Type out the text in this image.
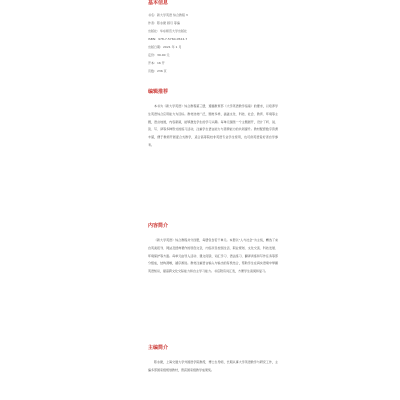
基本信息

书名：新大学英语 综合教程 3

作者：陈永捷 顾月 等编

出版社：华东师范大学出版社

ISBN：978-7-5760-0524-7

出版日期：2021 年 1 月

定价：39.00 元

开本：16 开

页数：236 页

编辑推荐

本书为《新大学英语》综合教程第三册，遵循教育部《大学英语教学指南》的要求，以培养学生英语综合应用能力为目标。教材选材广泛，题材多样，涵盖文化、科技、社会、教育、环境等主题，语言地道，内容新颖，能够激发学生的学习兴趣。每单元围绕一个主题展开，设计了听、说、读、写、译等多种形式的练习活动，注重学生语言能力与思辨能力的共同提升。教材配套数字资源丰富，便于教师开展混合式教学，适合高等院校非英语专业学生使用，也可供英语爱好者自学参考。

内容简介

《新大学英语》综合教程共分四册，每册包含若干单元。本册以“人与社会”为主线，精选了来自英美报刊、网站及经典著作的原创文章，内容涉及校园生活、职业规划、文化交流、科技发展、环境保护等方面。每单元由导入活动、课文阅读、词汇学习、语法练习、翻译训练和写作任务等部分组成，结构清晰，循序渐进。教材注重语言输入与输出的有机结合，帮助学生在真实语境中掌握英语知识，提高跨文化交际能力和自主学习能力。书后附有词汇表，方便学生查阅和复习。

主编简介

陈永捷，上海交通大学外国语学院教授，博士生导师，长期从事大学英语教学与研究工作，主编多部国家级规划教材，曾获国家级教学成果奖。
